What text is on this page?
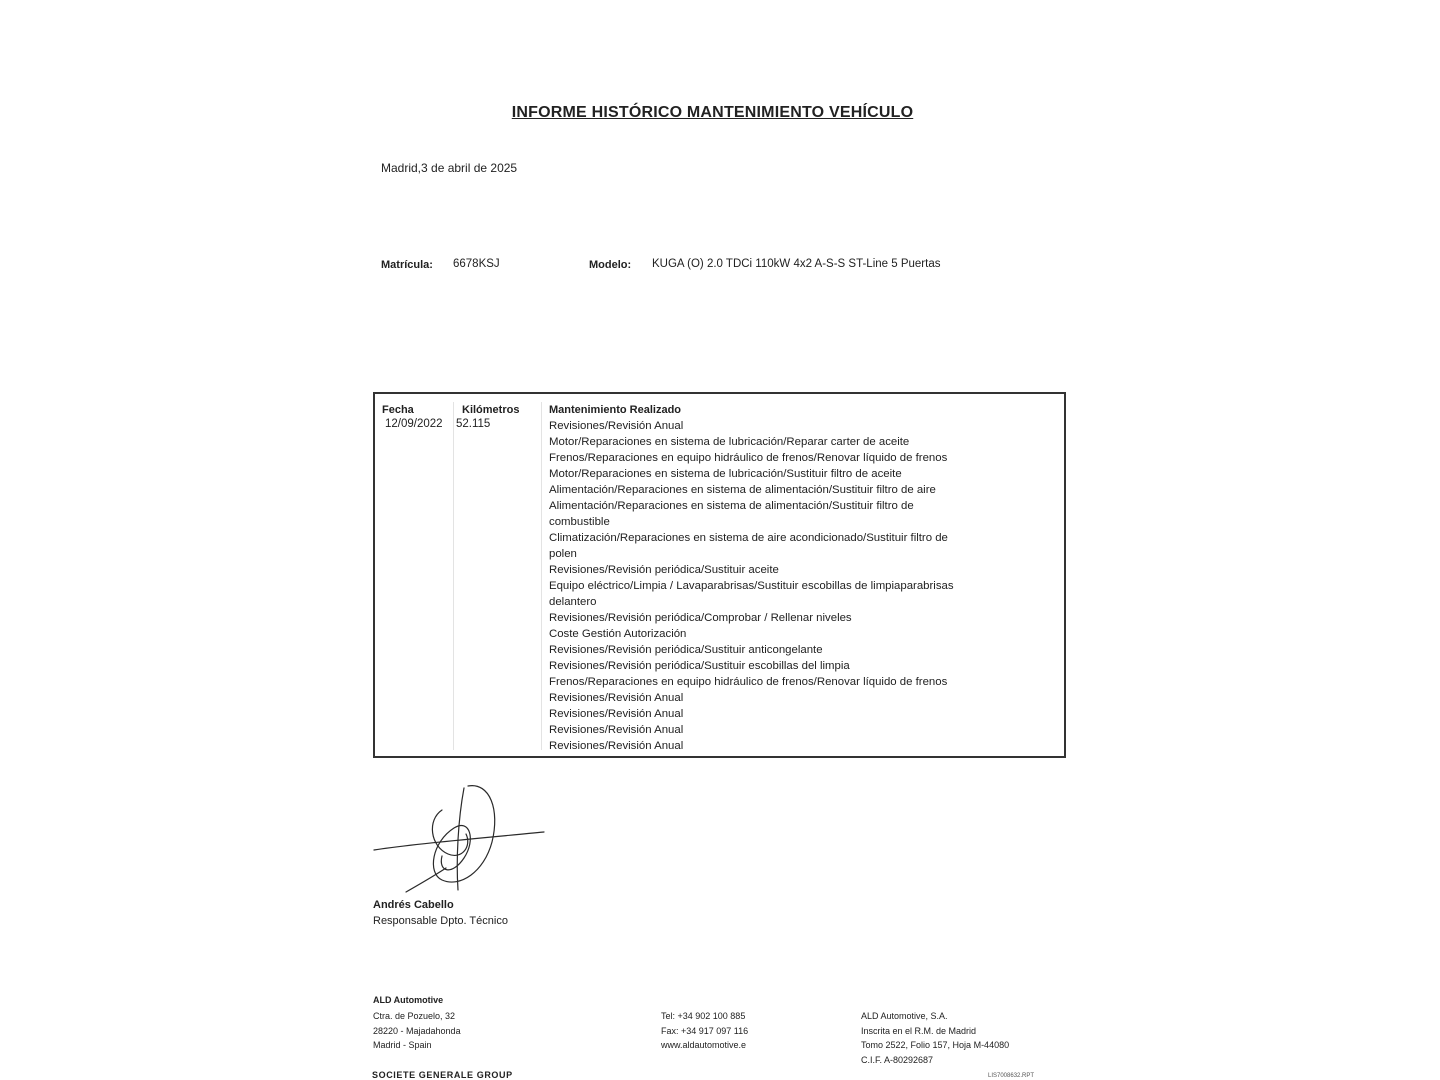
INFORME HISTÓRICO MANTENIMIENTO VEHÍCULO
Madrid,3 de abril de 2025
Matrícula: 6678KSJ	Modelo: KUGA (O) 2.0 TDCi 110kW 4x2 A-S-S ST-Line 5 Puertas
Fecha	Kilómetros	Mantenimiento Realizado
12/09/2022 52.115	Revisiones/Revisión Anual
Motor/Reparaciones en sistema de lubricación/Reparar carter de aceite
Frenos/Reparaciones en equipo hidráulico de frenos/Renovar líquido de frenos
Motor/Reparaciones en sistema de lubricación/Sustituir filtro de aceite
Alimentación/Reparaciones en sistema de alimentación/Sustituir filtro de aire
Alimentación/Reparaciones en sistema de alimentación/Sustituir filtro de
combustible
Climatización/Reparaciones en sistema de aire acondicionado/Sustituir filtro de
polen
Revisiones/Revisión periódica/Sustituir aceite
Equipo eléctrico/Limpia / Lavaparabrisas/Sustituir escobillas de limpiaparabrisas
delantero
Revisiones/Revisión periódica/Comprobar / Rellenar niveles
Coste Gestión Autorización
Revisiones/Revisión periódica/Sustituir anticongelante
Revisiones/Revisión periódica/Sustituir escobillas del limpia
Frenos/Reparaciones en equipo hidráulico de frenos/Renovar líquido de frenos
Revisiones/Revisión Anual
Revisiones/Revisión Anual
Revisiones/Revisión Anual
Revisiones/Revisión Anual
Andrés Cabello
Responsable Dpto. Técnico
ALD Automotive
Ctra. de Pozuelo, 32
28220 - Majadahonda
Madrid - Spain
Tel: +34 902 100 885
Fax: +34 917 097 116
www.aldautomotive.e
ALD Automotive, S.A.
Inscrita en el R.M. de Madrid
Tomo 2522, Folio 157, Hoja M-44080
C.I.F. A-80292687
SOCIETE GENERALE GROUP	LIS7008632.RPT
